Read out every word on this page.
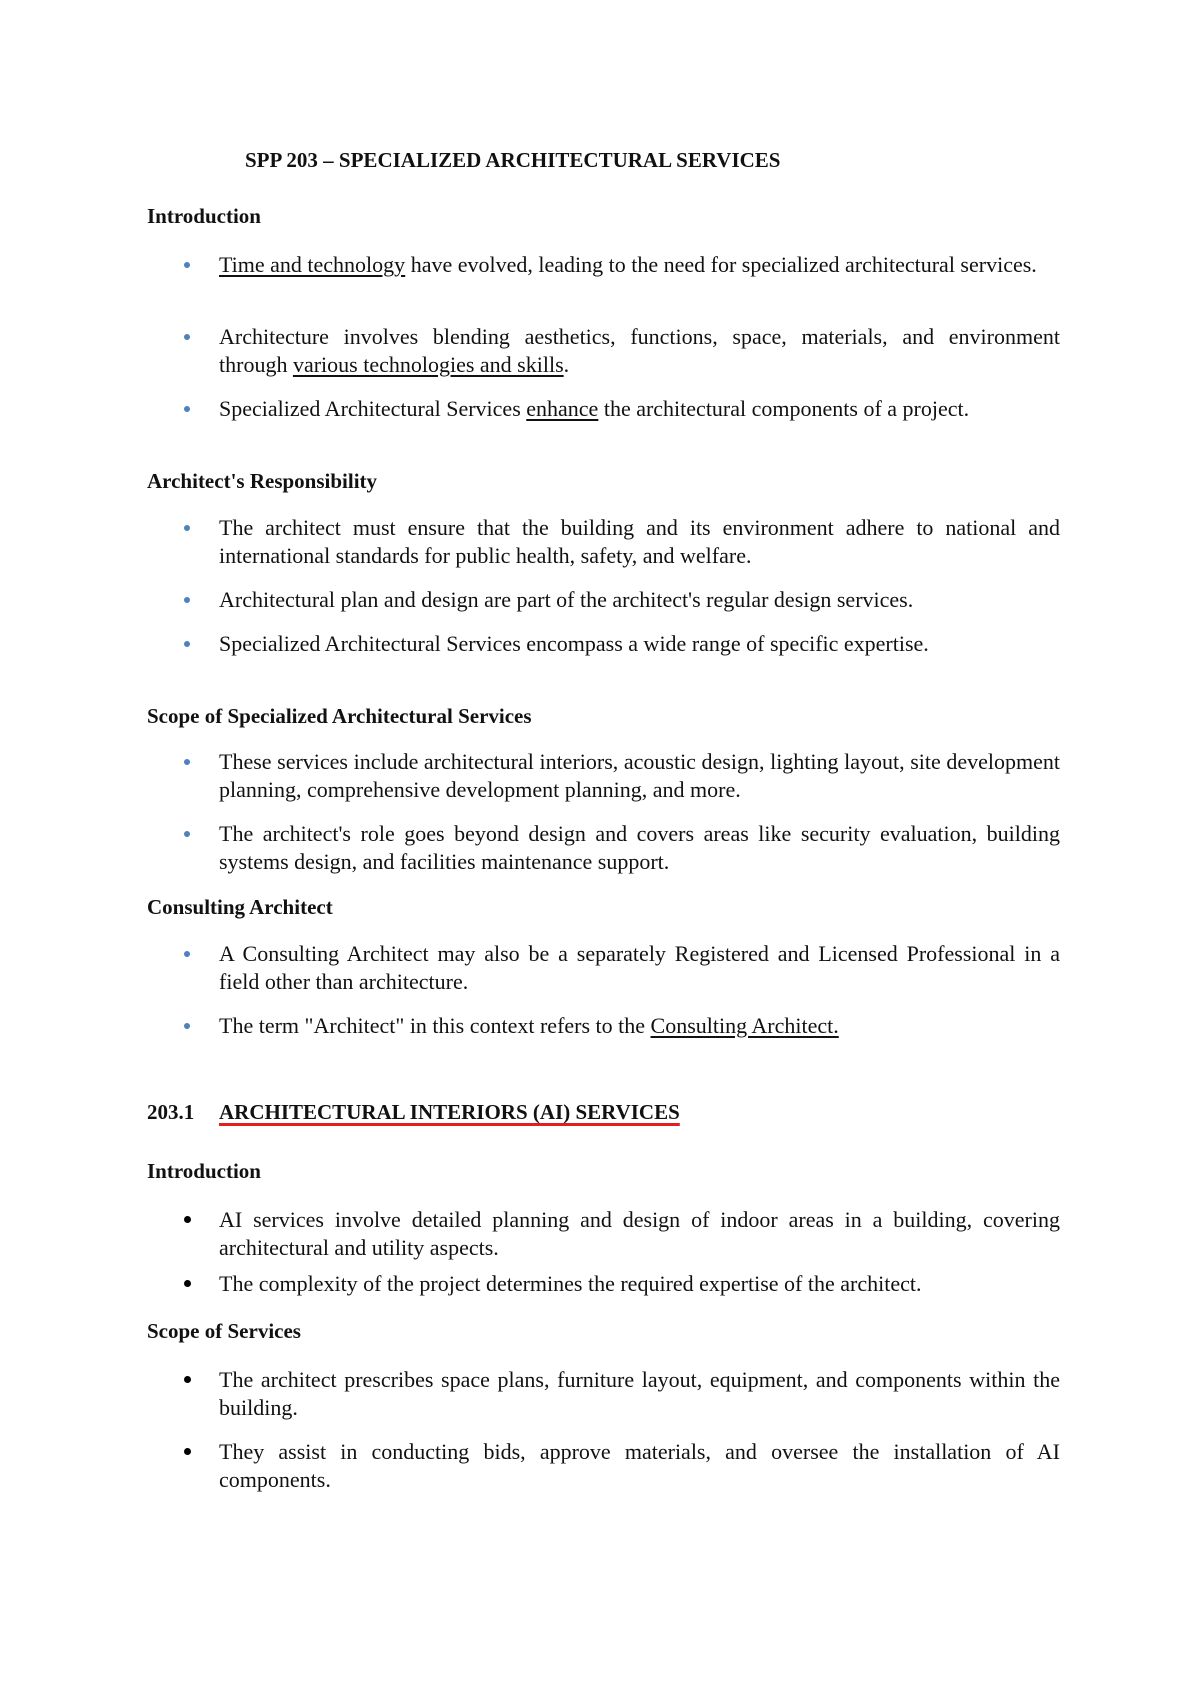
SPP 203 – SPECIALIZED ARCHITECTURAL SERVICES
Introduction
Time and technology have evolved, leading to the need for specialized architectural services.
Architecture involves blending aesthetics, functions, space, materials, and environment through various technologies and skills.
Specialized Architectural Services enhance the architectural components of a project.
Architect's Responsibility
The architect must ensure that the building and its environment adhere to national and international standards for public health, safety, and welfare.
Architectural plan and design are part of the architect's regular design services.
Specialized Architectural Services encompass a wide range of specific expertise.
Scope of Specialized Architectural Services
These services include architectural interiors, acoustic design, lighting layout, site development planning, comprehensive development planning, and more.
The architect's role goes beyond design and covers areas like security evaluation, building systems design, and facilities maintenance support.
Consulting Architect
A Consulting Architect may also be a separately Registered and Licensed Professional in a field other than architecture.
The term "Architect" in this context refers to the Consulting Architect.
203.1 ARCHITECTURAL INTERIORS (AI) SERVICES
Introduction
AI services involve detailed planning and design of indoor areas in a building, covering architectural and utility aspects.
The complexity of the project determines the required expertise of the architect.
Scope of Services
The architect prescribes space plans, furniture layout, equipment, and components within the building.
They assist in conducting bids, approve materials, and oversee the installation of AI components.
